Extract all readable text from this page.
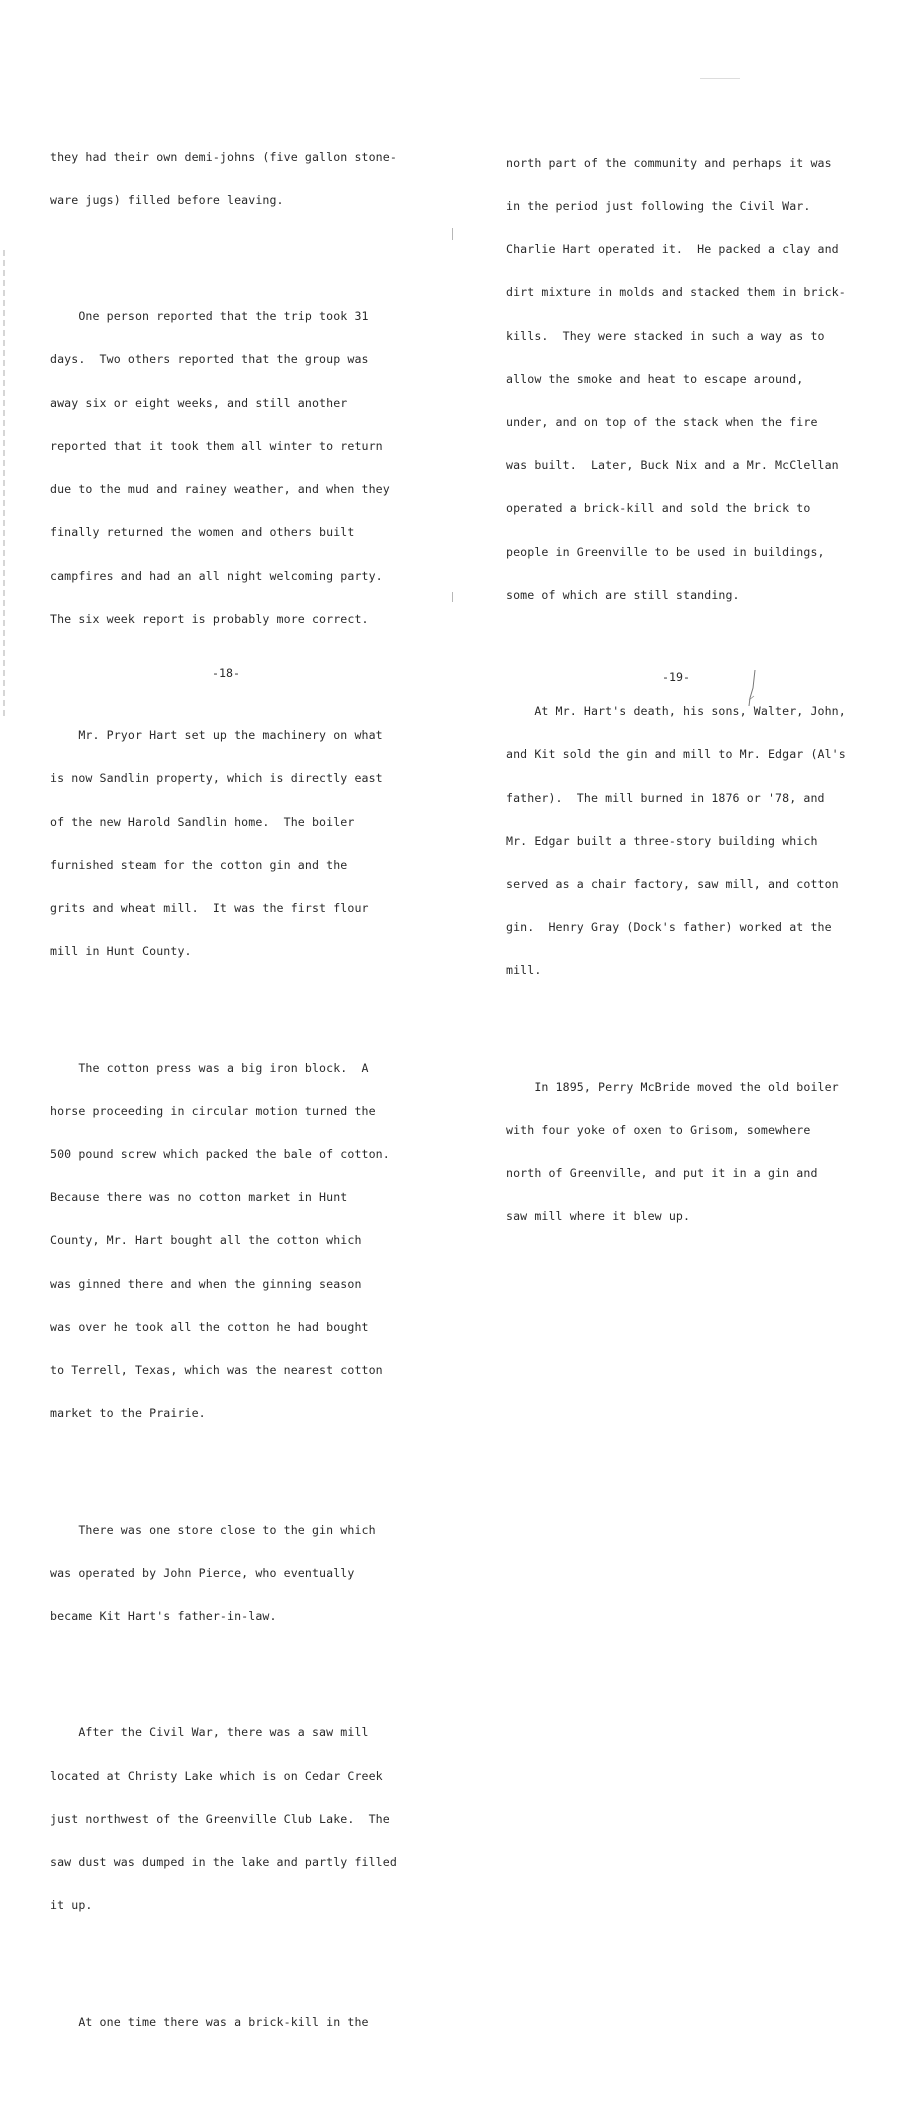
they had their own demi-johns (five gallon stone-

ware jugs) filled before leaving.

One person reported that the trip took 31

days.  Two others reported that the group was

away six or eight weeks, and still another

reported that it took them all winter to return

due to the mud and rainey weather, and when they

finally returned the women and others built

campfires and had an all night welcoming party.

The six week report is probably more correct.

Mr. Pryor Hart set up the machinery on what

is now Sandlin property, which is directly east

of the new Harold Sandlin home.  The boiler

furnished steam for the cotton gin and the

grits and wheat mill.  It was the first flour

mill in Hunt County.

The cotton press was a big iron block.  A

horse proceeding in circular motion turned the

500 pound screw which packed the bale of cotton.

Because there was no cotton market in Hunt

County, Mr. Hart bought all the cotton which

was ginned there and when the ginning season

was over he took all the cotton he had bought

to Terrell, Texas, which was the nearest cotton

market to the Prairie.

There was one store close to the gin which

was operated by John Pierce, who eventually

became Kit Hart's father-in-law.

After the Civil War, there was a saw mill

located at Christy Lake which is on Cedar Creek

just northwest of the Greenville Club Lake.  The

saw dust was dumped in the lake and partly filled

it up.

At one time there was a brick-kill in the

-18-

north part of the community and perhaps it was

in the period just following the Civil War.

Charlie Hart operated it.  He packed a clay and

dirt mixture in molds and stacked them in brick-

kills.  They were stacked in such a way as to

allow the smoke and heat to escape around,

under, and on top of the stack when the fire

was built.  Later, Buck Nix and a Mr. McClellan

operated a brick-kill and sold the brick to

people in Greenville to be used in buildings,

some of which are still standing.

At Mr. Hart's death, his sons, Walter, John,

and Kit sold the gin and mill to Mr. Edgar (Al's

father).  The mill burned in 1876 or '78, and

Mr. Edgar built a three-story building which

served as a chair factory, saw mill, and cotton

gin.  Henry Gray (Dock's father) worked at the

mill.

In 1895, Perry McBride moved the old boiler

with four yoke of oxen to Grisom, somewhere

north of Greenville, and put it in a gin and

saw mill where it blew up.

-19-
